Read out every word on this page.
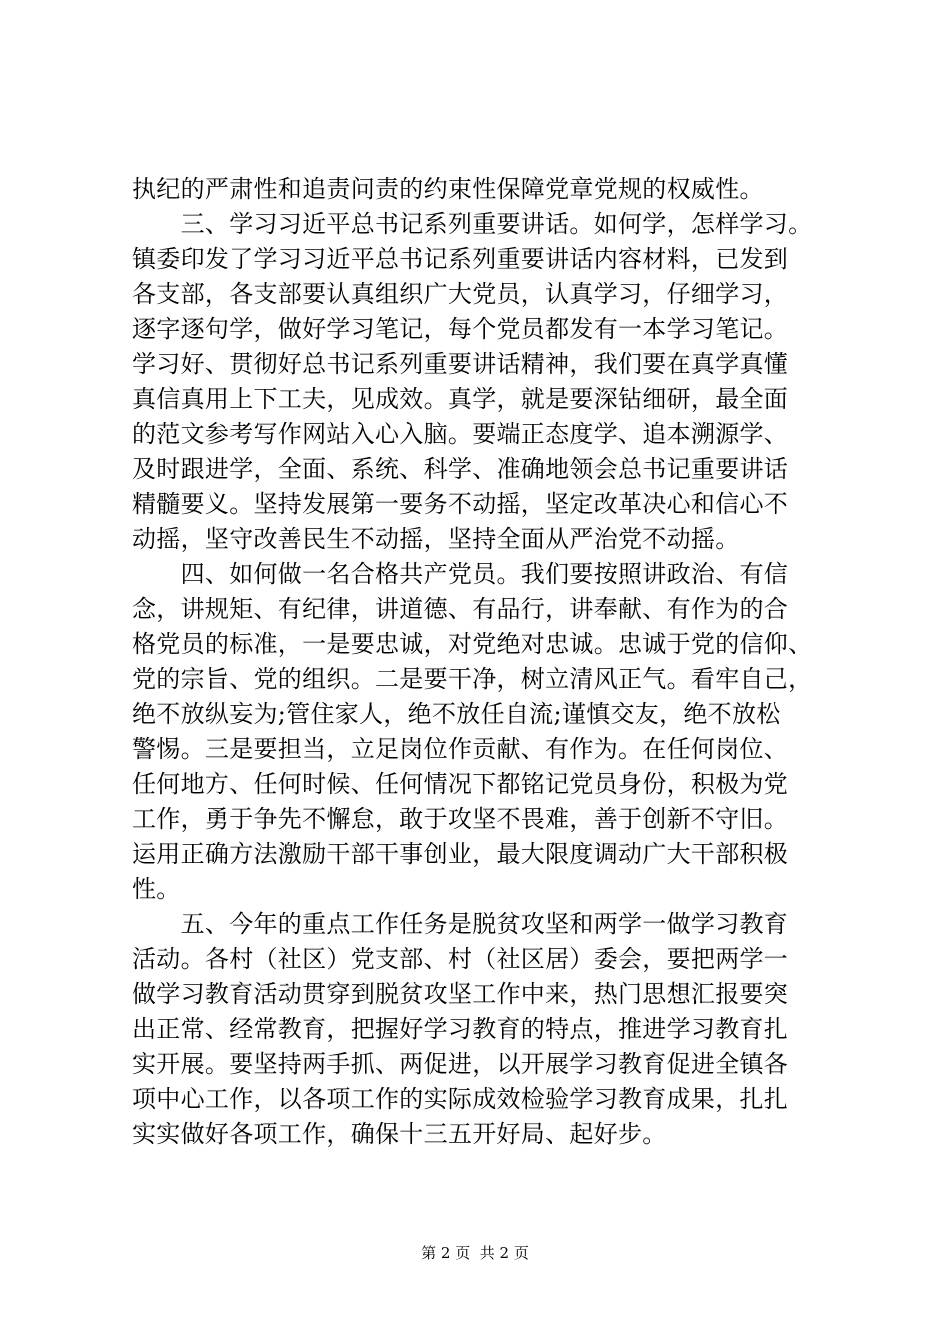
执纪的严肃性和追责问责的约束性保障党章党规的权威性。
　　三、学习习近平总书记系列重要讲话。如何学，怎样学习。
镇委印发了学习习近平总书记系列重要讲话内容材料，已发到
各支部，各支部要认真组织广大党员，认真学习，仔细学习，
逐字逐句学，做好学习笔记，每个党员都发有一本学习笔记。
学习好、贯彻好总书记系列重要讲话精神，我们要在真学真懂
真信真用上下工夫，见成效。真学，就是要深钻细研，最全面
的范文参考写作网站入心入脑。要端正态度学、追本溯源学、
及时跟进学，全面、系统、科学、准确地领会总书记重要讲话
精髓要义。坚持发展第一要务不动摇，坚定改革决心和信心不
动摇，坚守改善民生不动摇，坚持全面从严治党不动摇。
　　四、如何做一名合格共产党员。我们要按照讲政治、有信
念，讲规矩、有纪律，讲道德、有品行，讲奉献、有作为的合
格党员的标准，一是要忠诚，对党绝对忠诚。忠诚于党的信仰、
党的宗旨、党的组织。二是要干净，树立清风正气。看牢自己，
绝不放纵妄为;管住家人，绝不放任自流;谨慎交友，绝不放松
警惕。三是要担当，立足岗位作贡献、有作为。在任何岗位、
任何地方、任何时候、任何情况下都铭记党员身份，积极为党
工作，勇于争先不懈怠，敢于攻坚不畏难，善于创新不守旧。
运用正确方法激励干部干事创业，最大限度调动广大干部积极
性。
　　五、今年的重点工作任务是脱贫攻坚和两学一做学习教育
活动。各村（社区）党支部、村（社区居）委会，要把两学一
做学习教育活动贯穿到脱贫攻坚工作中来，热门思想汇报要突
出正常、经常教育，把握好学习教育的特点，推进学习教育扎
实开展。要坚持两手抓、两促进，以开展学习教育促进全镇各
项中心工作，以各项工作的实际成效检验学习教育成果，扎扎
实实做好各项工作，确保十三五开好局、起好步。
第 2 页  共 2 页
